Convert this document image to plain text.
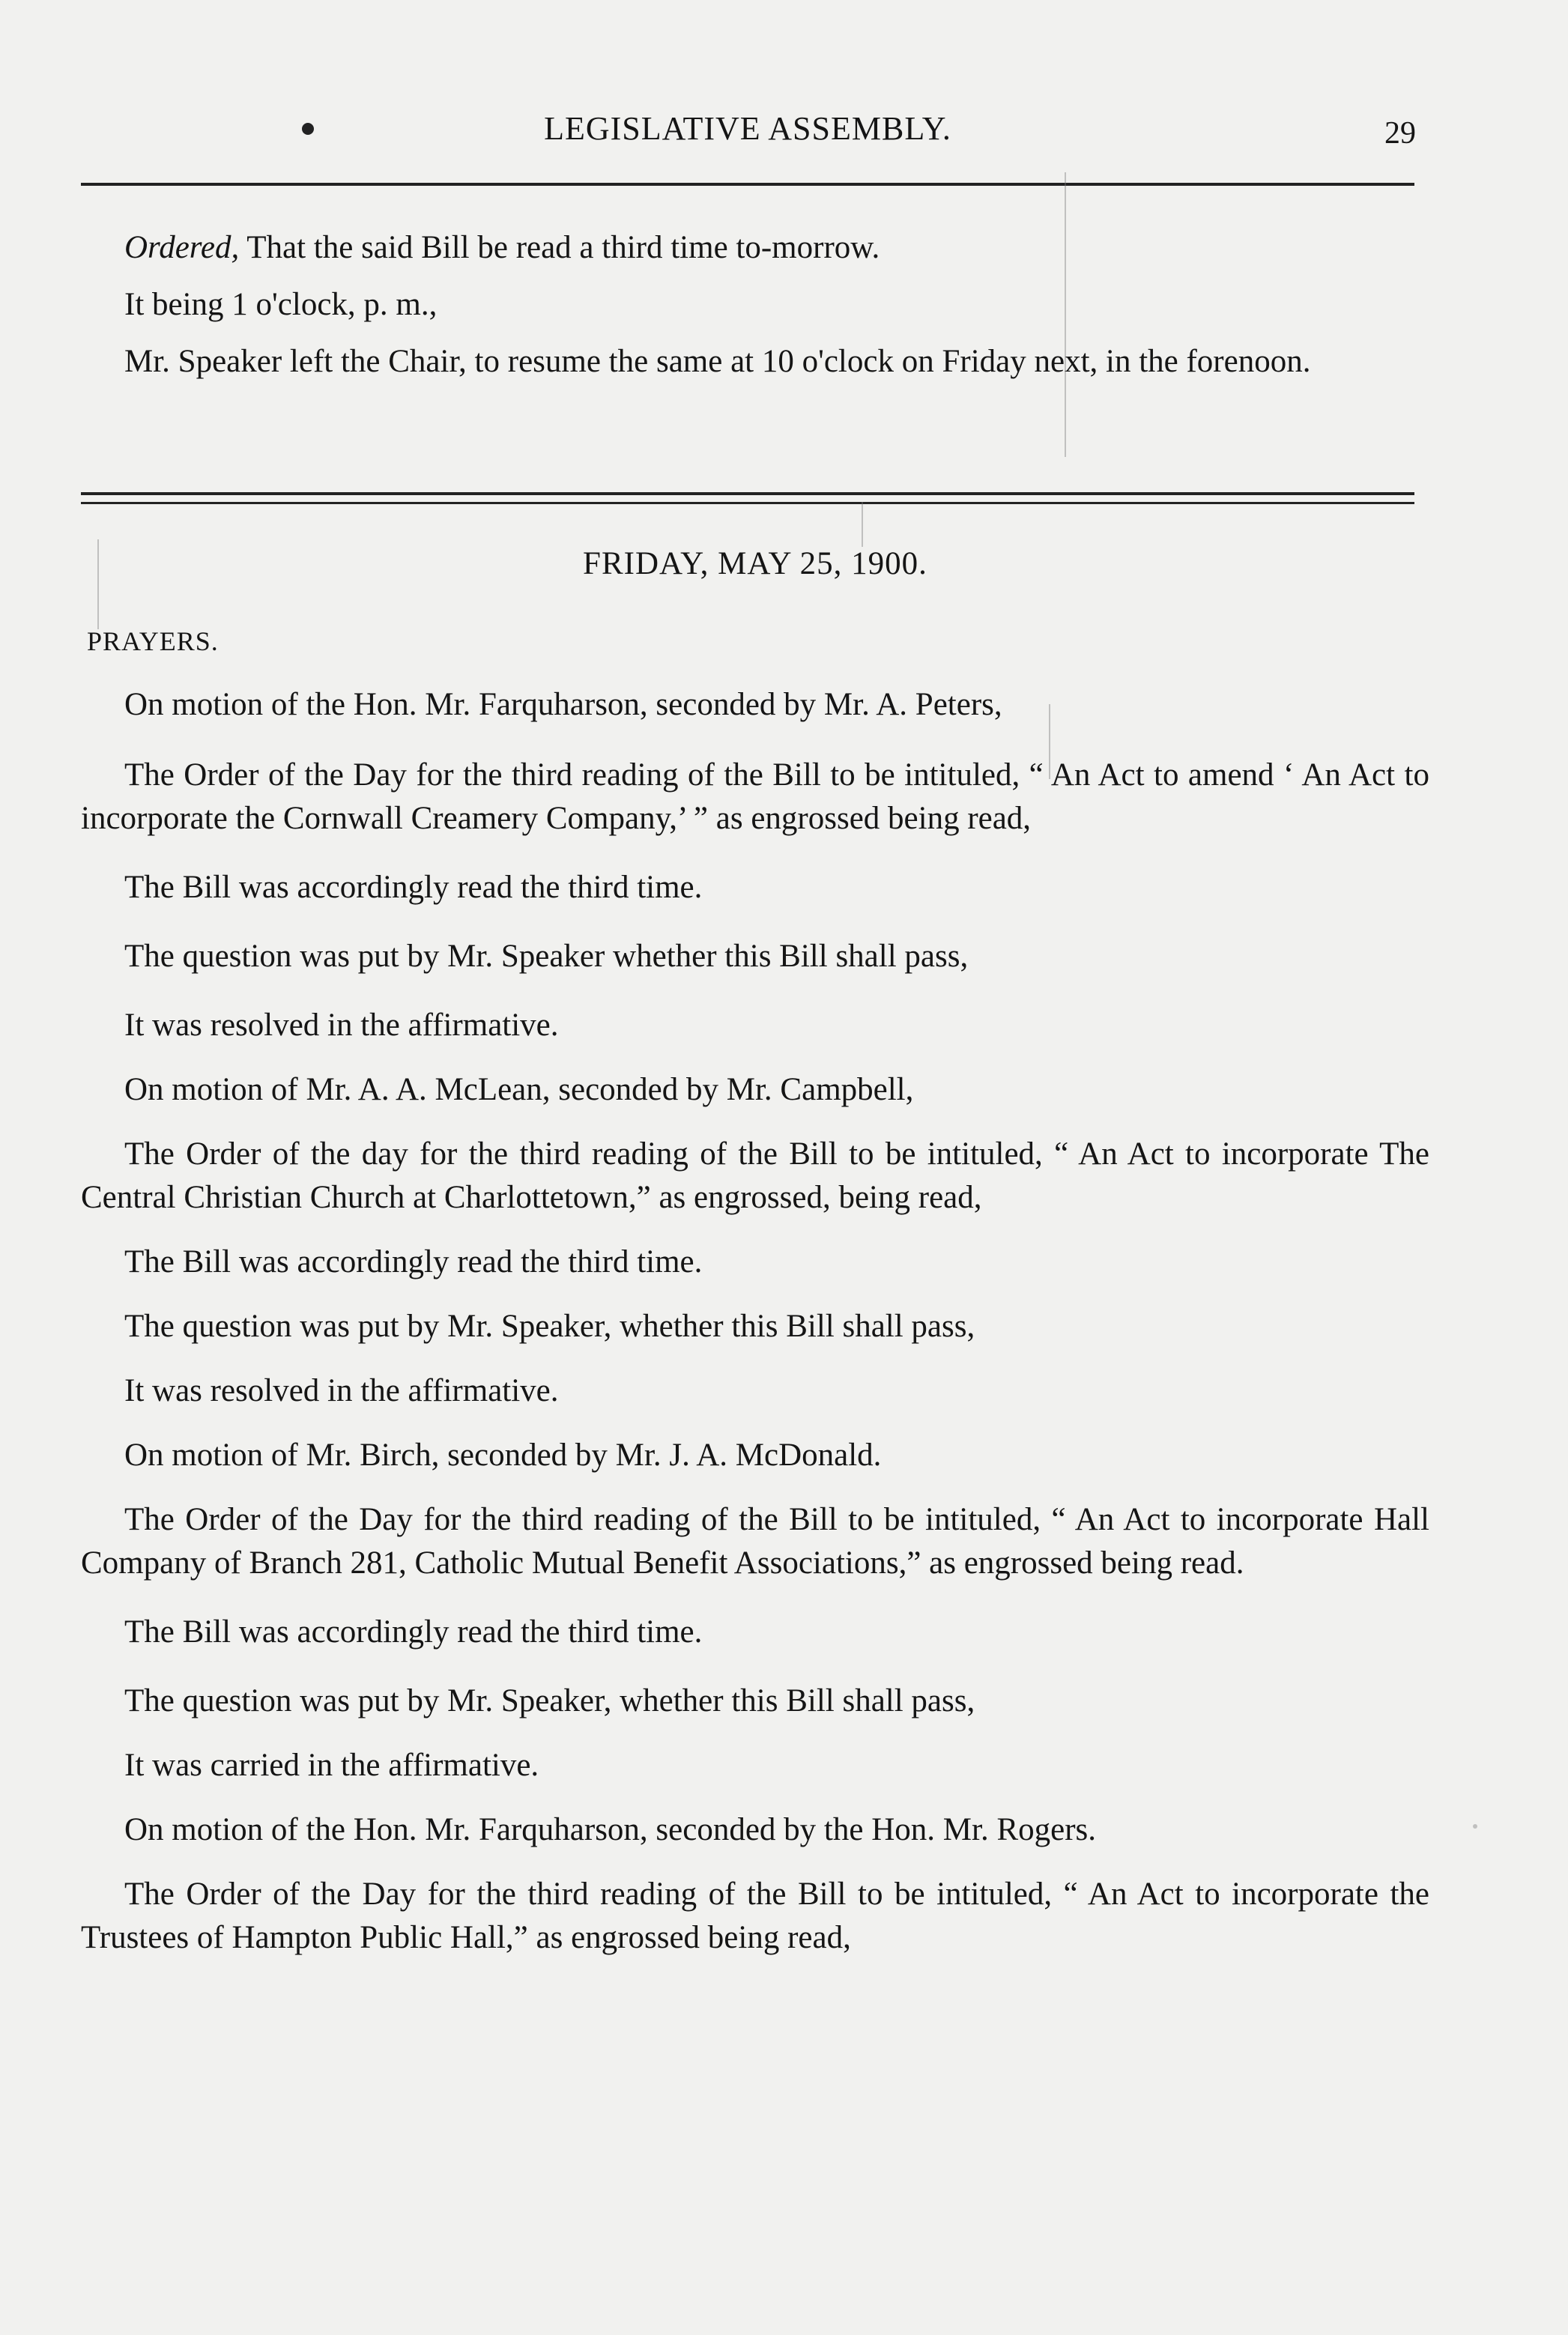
LEGISLATIVE ASSEMBLY.	29

Ordered, That the said Bill be read a third time to-morrow.

It being 1 o'clock, p. m.,

Mr. Speaker left the Chair, to resume the same at 10 o'clock on Friday next, in the forenoon.

FRIDAY, MAY 25, 1900.
PRAYERS.

On motion of the Hon. Mr. Farquharson, seconded by Mr. A. Peters,

The Order of the Day for the third reading of the Bill to be intituled, “ An Act to amend ‘ An Act to incorporate the Cornwall Creamery Company,’ ” as engrossed being read,

The Bill was accordingly read the third time.

The question was put by Mr. Speaker whether this Bill shall pass,

It was resolved in the affirmative.

On motion of Mr. A. A. McLean, seconded by Mr. Campbell,

The Order of the day for the third reading of the Bill to be intituled, “ An Act to incorporate The Central Christian Church at Charlottetown,” as engrossed, being read,

The Bill was accordingly read the third time.

The question was put by Mr. Speaker, whether this Bill shall pass,

It was resolved in the affirmative.

On motion of Mr. Birch, seconded by Mr. J. A. McDonald.

The Order of the Day for the third reading of the Bill to be intituled, “ An Act to incorporate Hall Company of Branch 281, Catholic Mutual Benefit Associations,” as engrossed being read.

The Bill was accordingly read the third time.

The question was put by Mr. Speaker, whether this Bill shall pass,

It was carried in the affirmative.

On motion of the Hon. Mr. Farquharson, seconded by the Hon. Mr. Rogers.

The Order of the Day for the third reading of the Bill to be intituled, “ An Act to incorporate the Trustees of Hampton Public Hall,” as engrossed being read,
